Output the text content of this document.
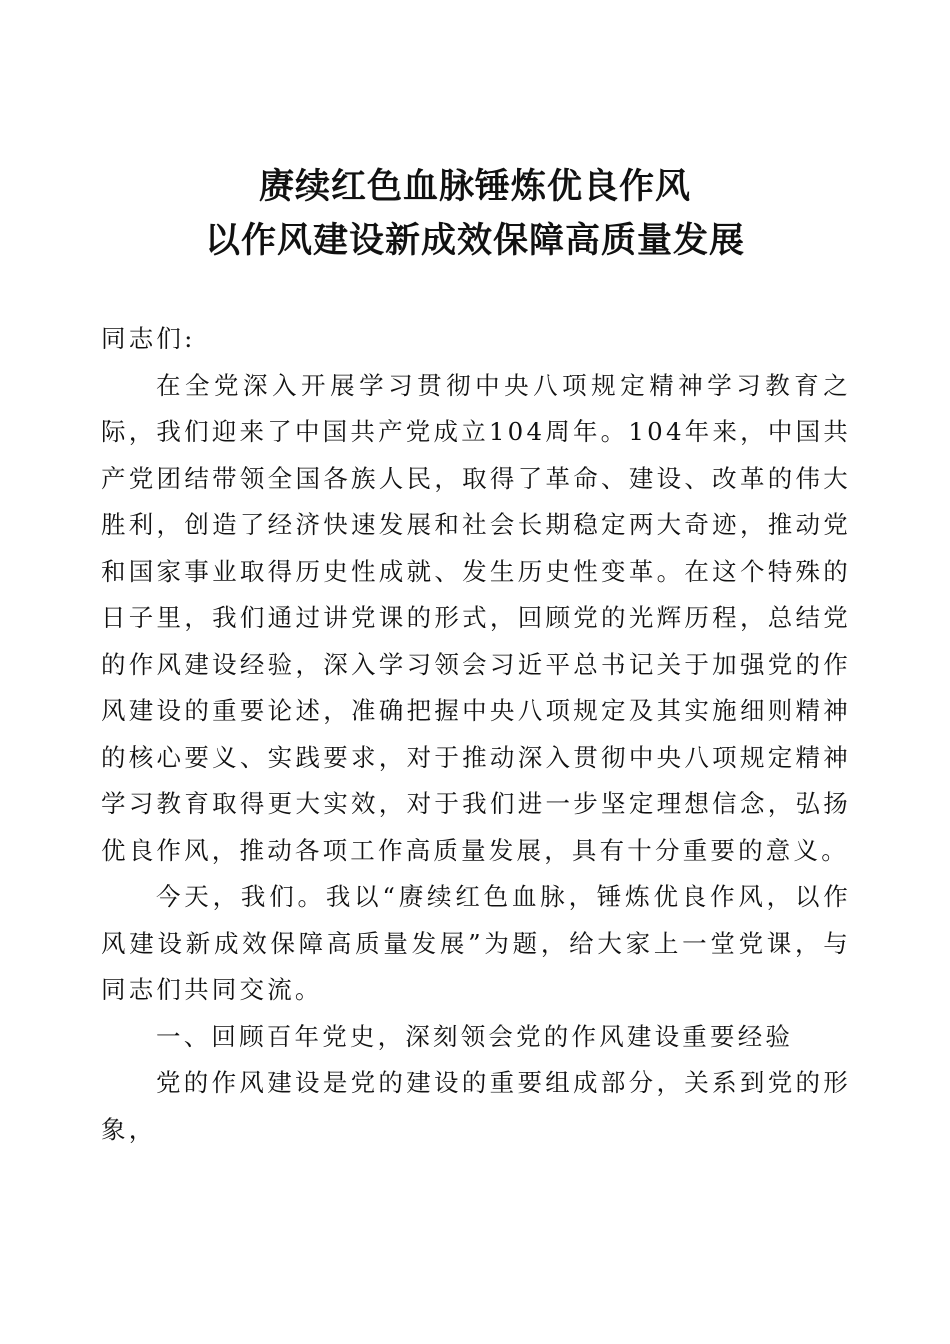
赓续红色血脉锤炼优良作风
以作风建设新成效保障高质量发展

同志们:

在全党深入开展学习贯彻中央八项规定精神学习教育之际，我们迎来了中国共产党成立104周年。104年来，中国共产党团结带领全国各族人民，取得了革命、建设、改革的伟大胜利，创造了经济快速发展和社会长期稳定两大奇迹，推动党和国家事业取得历史性成就、发生历史性变革。在这个特殊的日子里，我们通过讲党课的形式，回顾党的光辉历程，总结党的作风建设经验，深入学习领会习近平总书记关于加强党的作风建设的重要论述，准确把握中央八项规定及其实施细则精神的核心要义、实践要求，对于推动深入贯彻中央八项规定精神学习教育取得更大实效，对于我们进一步坚定理想信念，弘扬优良作风，推动各项工作高质量发展，具有十分重要的意义。

今天，我们。我以“赓续红色血脉，锤炼优良作风，以作风建设新成效保障高质量发展”为题，给大家上一堂党课，与同志们共同交流。

一、回顾百年党史，深刻领会党的作风建设重要经验

党的作风建设是党的建设的重要组成部分，关系到党的形象，
